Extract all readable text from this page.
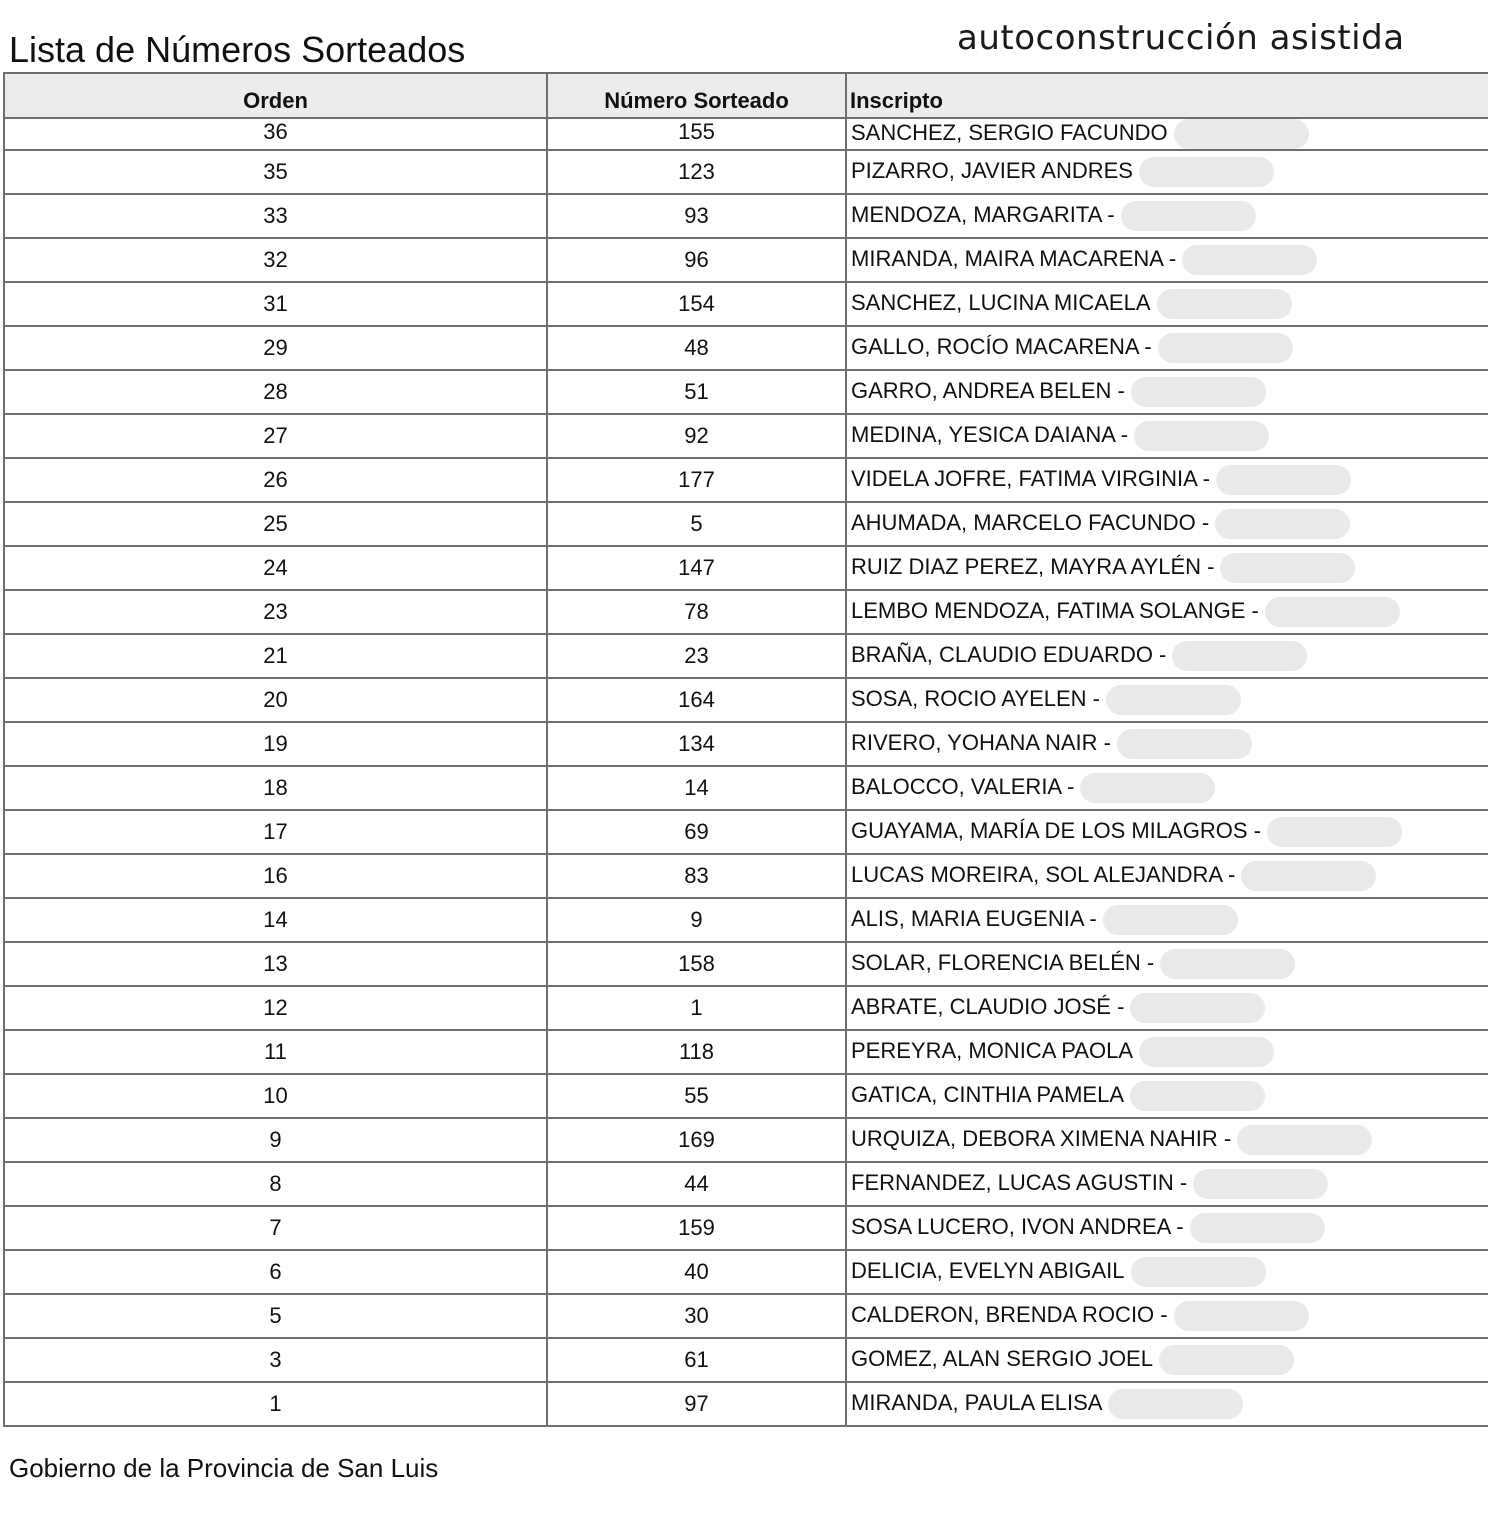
Lista de Números Sorteados	autoconstrucción asistida
Orden	Número Sorteado	Inscripto
36	155	SANCHEZ, SERGIO FACUNDO
35	123	PIZARRO, JAVIER ANDRES
33	93	MENDOZA, MARGARITA -
32	96	MIRANDA, MAIRA MACARENA -
31	154	SANCHEZ, LUCINA MICAELA
29	48	GALLO, ROCÍO MACARENA -
28	51	GARRO, ANDREA BELEN -
27	92	MEDINA, YESICA DAIANA -
26	177	VIDELA JOFRE, FATIMA VIRGINIA -
25	5	AHUMADA, MARCELO FACUNDO -
24	147	RUIZ DIAZ PEREZ, MAYRA AYLÉN -
23	78	LEMBO MENDOZA, FATIMA SOLANGE -
21	23	BRAÑA, CLAUDIO EDUARDO -
20	164	SOSA, ROCIO AYELEN -
19	134	RIVERO, YOHANA NAIR -
18	14	BALOCCO, VALERIA -
17	69	GUAYAMA, MARÍA DE LOS MILAGROS -
16	83	LUCAS MOREIRA, SOL ALEJANDRA -
14	9	ALIS, MARIA EUGENIA -
13	158	SOLAR, FLORENCIA BELÉN -
12	1	ABRATE, CLAUDIO JOSÉ -
11	118	PEREYRA, MONICA PAOLA
10	55	GATICA, CINTHIA PAMELA
9	169	URQUIZA, DEBORA XIMENA NAHIR -
8	44	FERNANDEZ, LUCAS AGUSTIN -
7	159	SOSA LUCERO, IVON ANDREA -
6	40	DELICIA, EVELYN ABIGAIL
5	30	CALDERON, BRENDA ROCIO -
3	61	GOMEZ, ALAN SERGIO JOEL
1	97	MIRANDA, PAULA ELISA
Gobierno de la Provincia de San Luis
